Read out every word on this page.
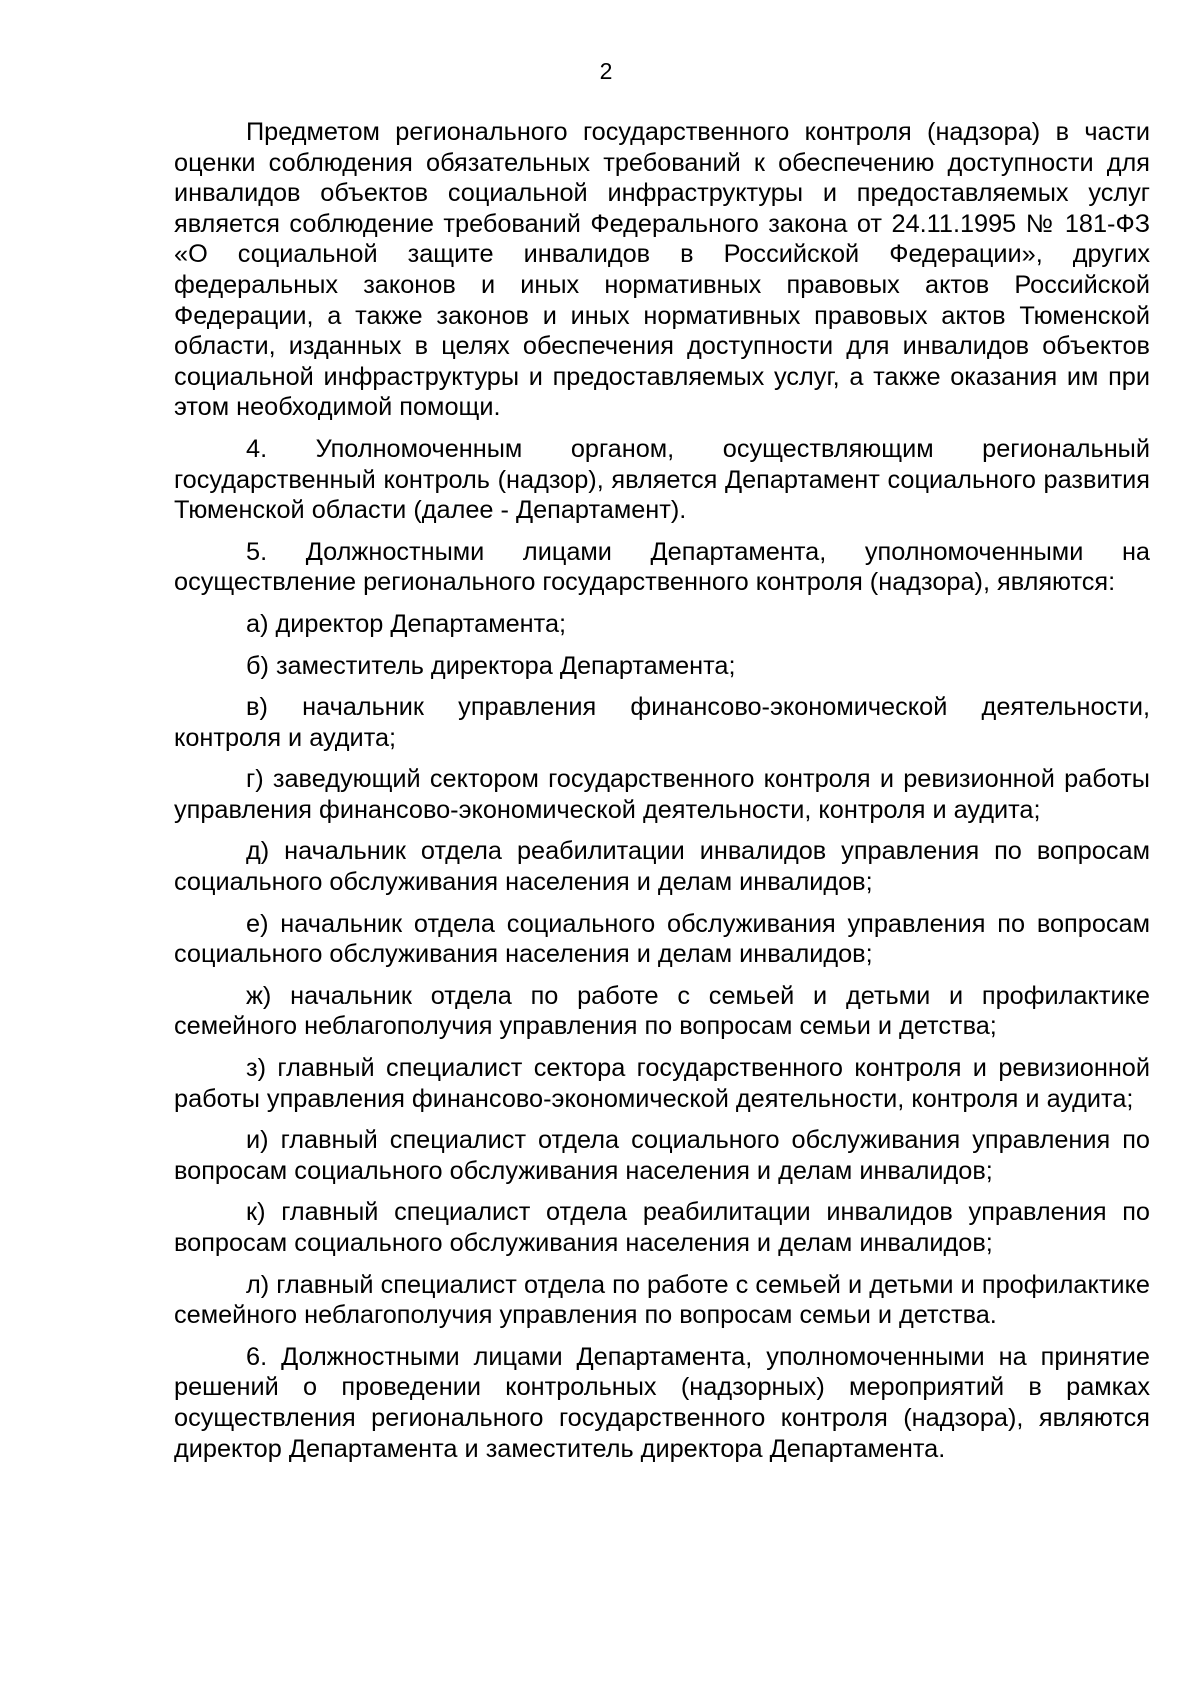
2

Предметом регионального государственного контроля (надзора) в части оценки соблюдения обязательных требований к обеспечению доступности для инвалидов объектов социальной инфраструктуры и предоставляемых услуг является соблюдение требований Федерального закона от 24.11.1995 № 181-ФЗ «О социальной защите инвалидов в Российской Федерации», других федеральных законов и иных нормативных правовых актов Российской Федерации, а также законов и иных нормативных правовых актов Тюменской области, изданных в целях обеспечения доступности для инвалидов объектов социальной инфраструктуры и предоставляемых услуг, а также оказания им при этом необходимой помощи.

4. Уполномоченным органом, осуществляющим региональный государственный контроль (надзор), является Департамент социального развития Тюменской области (далее - Департамент).

5. Должностными лицами Департамента, уполномоченными на осуществление регионального государственного контроля (надзора), являются:

а) директор Департамента;

б) заместитель директора Департамента;

в) начальник управления финансово-экономической деятельности, контроля и аудита;

г) заведующий сектором государственного контроля и ревизионной работы управления финансово-экономической деятельности, контроля и аудита;

д) начальник отдела реабилитации инвалидов управления по вопросам социального обслуживания населения и делам инвалидов;

е) начальник отдела социального обслуживания управления по вопросам социального обслуживания населения и делам инвалидов;

ж) начальник отдела по работе с семьей и детьми и профилактике семейного неблагополучия управления по вопросам семьи и детства;

з) главный специалист сектора государственного контроля и ревизионной работы управления финансово-экономической деятельности, контроля и аудита;

и) главный специалист отдела социального обслуживания управления по вопросам социального обслуживания населения и делам инвалидов;

к) главный специалист отдела реабилитации инвалидов управления по вопросам социального обслуживания населения и делам инвалидов;

л) главный специалист отдела по работе с семьей и детьми и профилактике семейного неблагополучия управления по вопросам семьи и детства.

6. Должностными лицами Департамента, уполномоченными на принятие решений о проведении контрольных (надзорных) мероприятий в рамках осуществления регионального государственного контроля (надзора), являются директор Департамента и заместитель директора Департамента.
